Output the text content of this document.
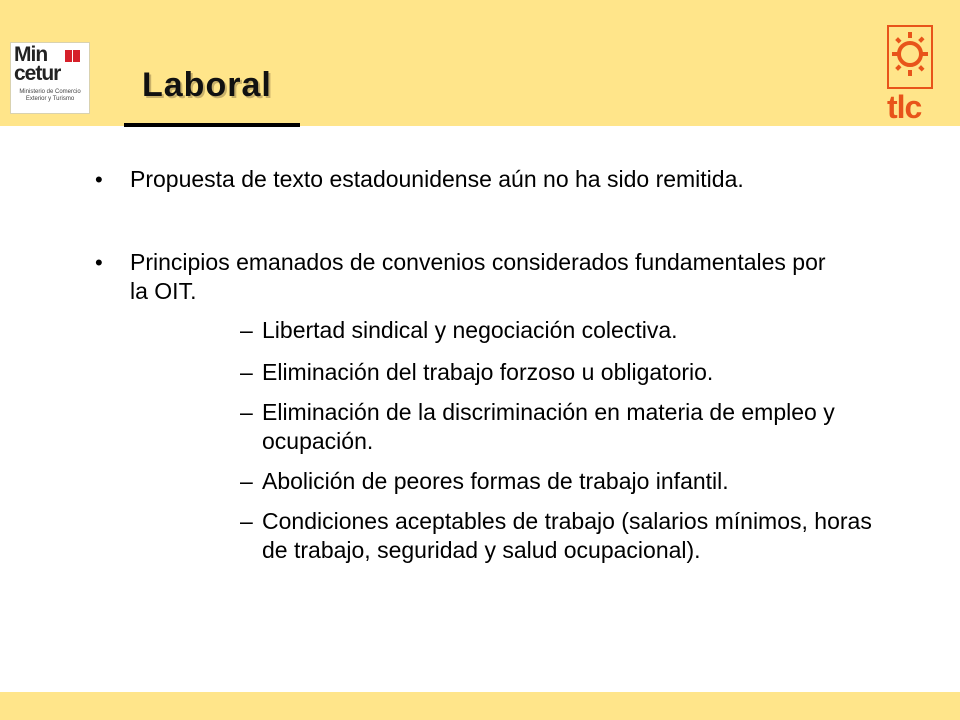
Min
cetur
Ministerio de Comercio
Exterior y Turismo	Laboral
tlc
• Propuesta de texto estadounidense aún no ha sido remitida.

• Principios emanados de convenios considerados fundamentales por la OIT.

– Libertad sindical y negociación colectiva.

– Eliminación del trabajo forzoso u obligatorio.

– Eliminación de la discriminación en materia de empleo y ocupación.

– Abolición de peores formas de trabajo infantil.

– Condiciones aceptables de trabajo (salarios mínimos, horas de trabajo, seguridad y salud ocupacional).
